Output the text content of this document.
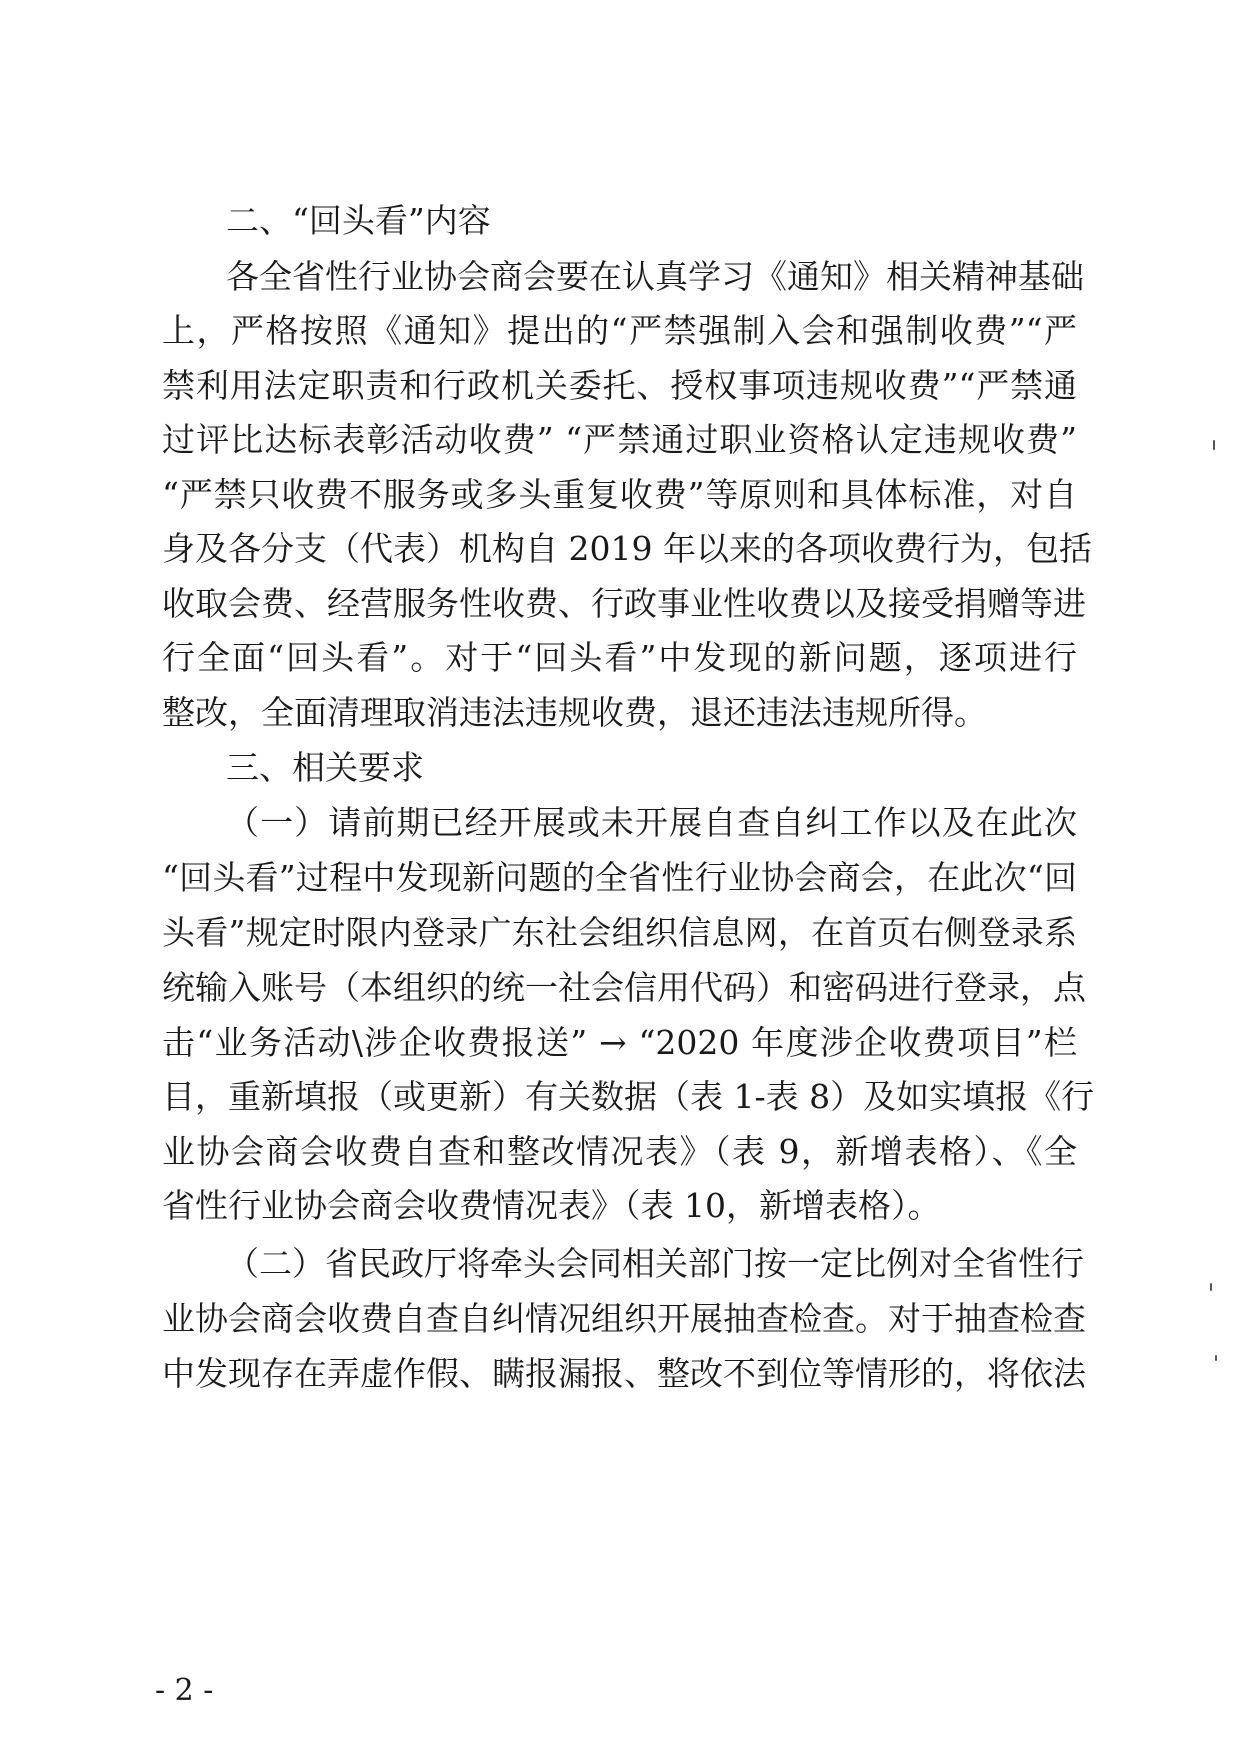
二、“回头看”内容
各全省性行业协会商会要在认真学习《通知》相关精神基础
上，严格按照《通知》提出的“严禁强制入会和强制收费”“严
禁利用法定职责和行政机关委托、授权事项违规收费”“严禁通
过评比达标表彰活动收费” “严禁通过职业资格认定违规收费”
“严禁只收费不服务或多头重复收费”等原则和具体标准，对自
身及各分支（代表）机构自 2019 年以来的各项收费行为，包括
收取会费、经营服务性收费、行政事业性收费以及接受捐赠等进
行全面“回头看”。对于“回头看”中发现的新问题，逐项进行
整改，全面清理取消违法违规收费，退还违法违规所得。
三、相关要求
（一）请前期已经开展或未开展自查自纠工作以及在此次
“回头看”过程中发现新问题的全省性行业协会商会，在此次“回
头看”规定时限内登录广东社会组织信息网，在首页右侧登录系
统输入账号（本组织的统一社会信用代码）和密码进行登录，点
击“业务活动\涉企收费报送” → “2020 年度涉企收费项目”栏
目，重新填报（或更新）有关数据（表 1-表 8）及如实填报《行
业协会商会收费自查和整改情况表》（表 9，新增表格）、《全
省性行业协会商会收费情况表》（表 10，新增表格）。
（二）省民政厅将牵头会同相关部门按一定比例对全省性行
业协会商会收费自查自纠情况组织开展抽查检查。对于抽查检查
中发现存在弄虚作假、瞒报漏报、整改不到位等情形的，将依法
- 2 -
